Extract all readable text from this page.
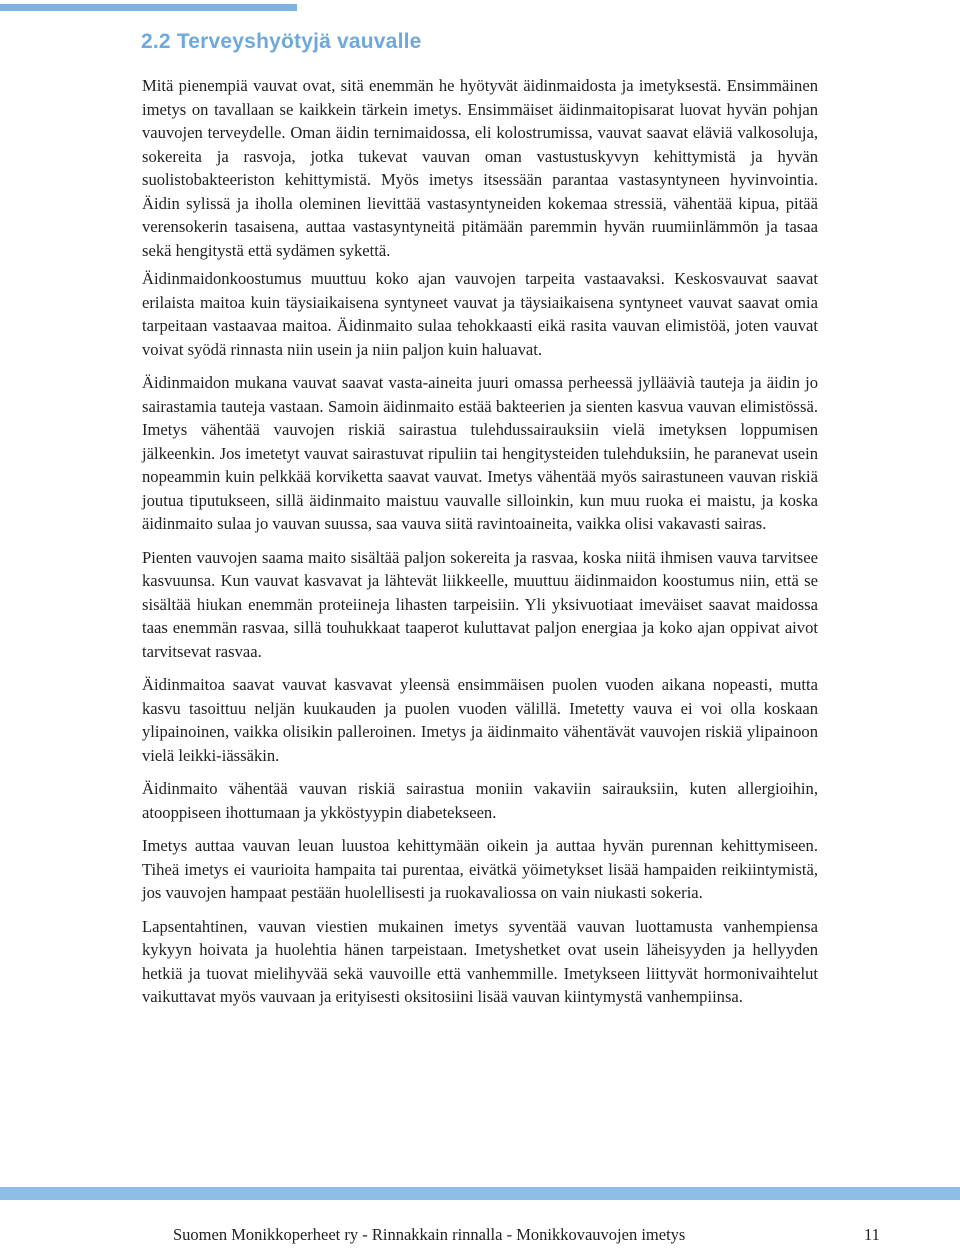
2.2 Terveyshyötyjä vauvalle

Mitä pienempiä vauvat ovat, sitä enemmän he hyötyvät äidinmaidosta ja imetyksestä. Ensimmäinen imetys on tavallaan se kaikkein tärkein imetys. Ensimmäiset äidinmaitopisarat luovat hyvän pohjan vauvojen terveydelle. Oman äidin ternimaidossa, eli kolostrumissa, vauvat saavat eläviä valkosoluja, sokereita ja rasvoja, jotka tukevat vauvan oman vastustuskyvyn kehittymistä ja hyvän suolistobakteeriston kehittymistä. Myös imetys itsessään parantaa vastasyntyneen hyvinvointia. Äidin sylissä ja iholla oleminen lievittää vastasyntyneiden kokemaa stressiä, vähentää kipua, pitää verensokerin tasaisena, auttaa vastasyntyneitä pitämään paremmin hyvän ruumiinlämmön ja tasaa sekä hengitystä että sydämen sykettä.

Äidinmaidonkoostumus muuttuu koko ajan vauvojen tarpeita vastaavaksi. Keskosvauvat saavat erilaista maitoa kuin täysiaikaisena syntyneet vauvat ja täysiaikaisena syntyneet vauvat saavat omia tarpeitaan vastaavaa maitoa. Äidinmaito sulaa tehokkaasti eikä rasita vauvan elimistöä, joten vauvat voivat syödä rinnasta niin usein ja niin paljon kuin haluavat.

Äidinmaidon mukana vauvat saavat vasta-aineita juuri omassa perheessä jylläävià tauteja ja äidin jo sairastamia tauteja vastaan. Samoin äidinmaito estää bakteerien ja sienten kasvua vauvan elimistössä. Imetys vähentää vauvojen riskiä sairastua tulehdussairauksiin vielä imetyksen loppumisen jälkeenkin. Jos imetetyt vauvat sairastuvat ripuliin tai hengitysteiden tulehduksiin, he paranevat usein nopeammin kuin pelkkää korviketta saavat vauvat. Imetys vähentää myös sairastuneen vauvan riskiä joutua tiputukseen, sillä äidinmaito maistuu vauvalle silloinkin, kun muu ruoka ei maistu, ja koska äidinmaito sulaa jo vauvan suussa, saa vauva siitä ravintoaineita, vaikka olisi vakavasti sairas.

Pienten vauvojen saama maito sisältää paljon sokereita ja rasvaa, koska niitä ihmisen vauva tarvitsee kasvuunsa. Kun vauvat kasvavat ja lähtevät liikkeelle, muuttuu äidinmaidon koostumus niin, että se sisältää hiukan enemmän proteiineja lihasten tarpeisiin. Yli yksivuotiaat imeväiset saavat maidossa taas enemmän rasvaa, sillä touhukkaat taaperot kuluttavat paljon energiaa ja koko ajan oppivat aivot tarvitsevat rasvaa.

Äidinmaitoa saavat vauvat kasvavat yleensä ensimmäisen puolen vuoden aikana nopeasti, mutta kasvu tasoittuu neljän kuukauden ja puolen vuoden välillä. Imetetty vauva ei voi olla koskaan ylipainoinen, vaikka olisikin palleroinen. Imetys ja äidinmaito vähentävät vauvojen riskiä ylipainoon vielä leikki-iässäkin.

Äidinmaito vähentää vauvan riskiä sairastua moniin vakaviin sairauksiin, kuten allergioihin, atooppiseen ihottumaan ja ykköstyypin diabetekseen.

Imetys auttaa vauvan leuan luustoa kehittymään oikein ja auttaa hyvän purennan kehittymiseen. Tiheä imetys ei vaurioita hampaita tai purentaa, eivätkä yöimetykset lisää hampaiden reikiintymistä, jos vauvojen hampaat pestään huolellisesti ja ruokavaliossa on vain niukasti sokeria.

Lapsentahtinen, vauvan viestien mukainen imetys syventää vauvan luottamusta vanhempiensa kykyyn hoivata ja huolehtia hänen tarpeistaan. Imetyshetket ovat usein läheisyyden ja hellyyden hetkiä ja tuovat mielihyvää sekä vauvoille että vanhemmille. Imetykseen liittyvät hormonivaihtelut vaikuttavat myös vauvaan ja erityisesti oksitosiini lisää vauvan kiintymystä vanhempiinsa.

Suomen Monikkoperheet ry - Rinnakkain rinnalla - Monikkovauvojen imetys	11
